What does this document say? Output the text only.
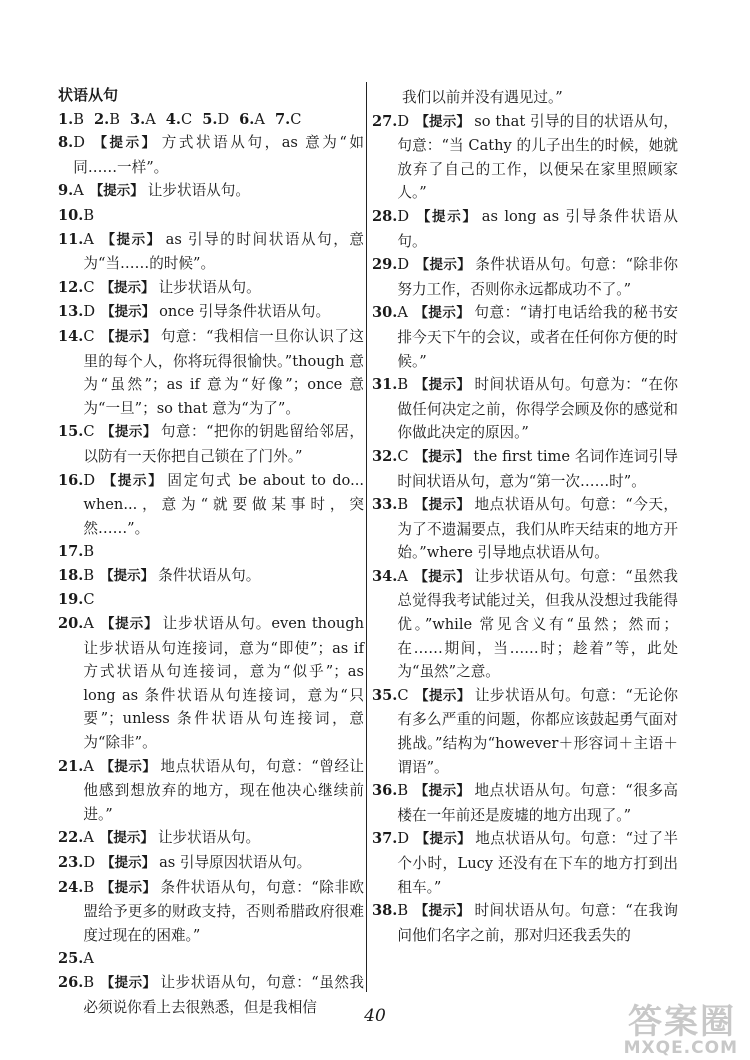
状语从句
1. B 2. B 3. A 4. C 5. D 6. A 7. C
8. D 【提示】 方式状语从句，as 意为“如同……一样”。
9. A 【提示】 让步状语从句。
10. B
11. A 【提示】 as 引导的时间状语从句，意为“当……的时候”。
12. C 【提示】 让步状语从句。
13. D 【提示】 once 引导条件状语从句。
14. C 【提示】 句意：“我相信一旦你认识了这里的每个人，你将玩得很愉快。”though 意为“虽然”；as if 意为“好像”；once 意为“一旦”；so that 意为“为了”。
15. C 【提示】 句意：“把你的钥匙留给邻居，以防有一天你把自己锁在了门外。”
16. D 【提示】 固定句式 be about to do... when...，意为“就要做某事时，突然……”。
17. B
18. B 【提示】 条件状语从句。
19. C
20. A 【提示】 让步状语从句。even though 让步状语从句连接词，意为“即使”；as if 方式状语从句连接词，意为“似乎”；as long as 条件状语从句连接词，意为“只要”；unless 条件状语从句连接词，意为“除非”。
21. A 【提示】 地点状语从句，句意：“曾经让他感到想放弃的地方，现在他决心继续前进。”
22. A 【提示】 让步状语从句。
23. D 【提示】 as 引导原因状语从句。
24. B 【提示】 条件状语从句，句意：“除非欧盟给予更多的财政支持，否则希腊政府很难度过现在的困难。”
25. A
26. B 【提示】 让步状语从句，句意：“虽然我必须说你看上去很熟悉，但是我相信
我们以前并没有遇见过。”
27. D 【提示】 so that 引导的目的状语从句，句意：“当 Cathy 的儿子出生的时候，她就放弃了自己的工作，以便呆在家里照顾家人。”
28. D 【提示】 as long as 引导条件状语从句。
29. D 【提示】 条件状语从句。句意：“除非你努力工作，否则你永远都成功不了。”
30. A 【提示】 句意：“请打电话给我的秘书安排今天下午的会议，或者在任何你方便的时候。”
31. B 【提示】 时间状语从句。句意为：“在你做任何决定之前，你得学会顾及你的感觉和你做此决定的原因。”
32. C 【提示】 the first time 名词作连词引导时间状语从句，意为“第一次……时”。
33. B 【提示】 地点状语从句。句意：“今天，为了不遗漏要点，我们从昨天结束的地方开始。”where 引导地点状语从句。
34. A 【提示】 让步状语从句。句意：“虽然我总觉得我考试能过关，但我从没想过我能得优。”while 常见含义有“虽然；然而；在……期间，当……时；趁着”等，此处为“虽然”之意。
35. C 【提示】 让步状语从句。句意：“无论你有多么严重的问题，你都应该鼓起勇气面对挑战。”结构为“however＋形容词＋主语＋谓语”。
36. B 【提示】 地点状语从句。句意：“很多高楼在一年前还是废墟的地方出现了。”
37. D 【提示】 地点状语从句。句意：“过了半个小时，Lucy 还没有在下车的地方打到出租车。”
38. B 【提示】 时间状语从句。句意：“在我询问他们名字之前，那对归还我丢失的
40	答案圈
MXQE.COM
